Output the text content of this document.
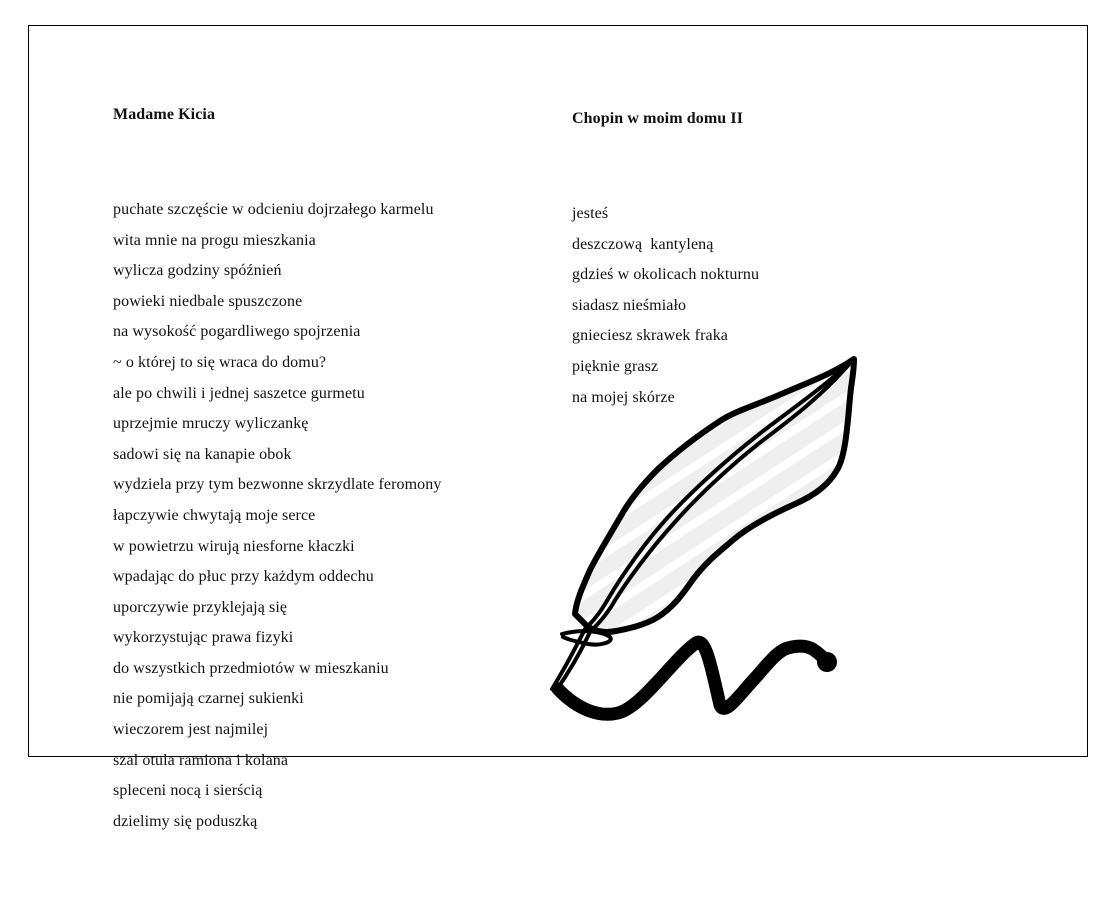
Madame Kicia

puchate szczęście w odcieniu dojrzałego karmelu
wita mnie na progu mieszkania
wylicza godziny spóźnień
powieki niedbale spuszczone
na wysokość pogardliwego spojrzenia
~ o której to się wraca do domu?
ale po chwili i jednej saszetce gurmetu
uprzejmie mruczy wyliczankę
sadowi się na kanapie obok
wydziela przy tym bezwonne skrzydlate feromony
łapczywie chwytają moje serce
w powietrzu wirują niesforne kłaczki
wpadając do płuc przy każdym oddechu
uporczywie przyklejają się
wykorzystując prawa fizyki
do wszystkich przedmiotów w mieszkaniu
nie pomijają czarnej sukienki
wieczorem jest najmilej
szal otula ramiona i kolana
spleceni nocą i sierścią
dzielimy się poduszką

Chopin w moim domu II

jesteś
deszczową  kantyleną
gdzieś w okolicach nokturnu
siadasz nieśmiało
gnieciesz skrawek fraka
pięknie grasz
na mojej skórze
